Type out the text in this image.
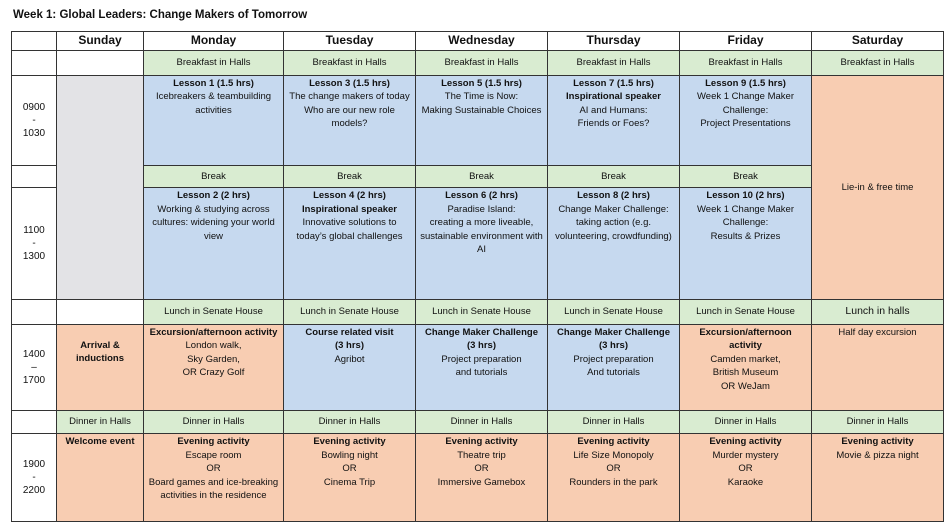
Week 1: Global Leaders: Change Makers of Tomorrow
	Sunday	Monday	Tuesday	Wednesday	Thursday	Friday	Saturday
		Breakfast in Halls	Breakfast in Halls	Breakfast in Halls	Breakfast in Halls	Breakfast in Halls	Breakfast in Halls

0900
-
1030		Lesson 1 (1.5 hrs)
Icebreakers & teambuilding activities	Lesson 3 (1.5 hrs)
The change makers of today
Who are our new role models?	Lesson 5 (1.5 hrs)
The Time is Now:
Making Sustainable Choices	Lesson 7 (1.5 hrs)
Inspirational speaker
AI and Humans:
Friends or Foes?	Lesson 9 (1.5 hrs)
Week 1 Change Maker Challenge:
Project Presentations	Lie-in & free time
		Break	Break	Break	Break	Break	

1100
-
1300		Lesson 2 (2 hrs)
Working & studying across cultures: widening your world view	Lesson 4 (2 hrs)
Inspirational speaker
Innovative solutions to today’s global challenges	Lesson 6 (2 hrs)
Paradise Island:
creating a more liveable, sustainable environment with AI	Lesson 8 (2 hrs)
Change Maker Challenge: taking action (e.g. volunteering, crowdfunding)	Lesson 10 (2 hrs)
Week 1 Change Maker Challenge:
Results & Prizes	

		Lunch in Senate House	Lunch in Senate House	Lunch in Senate House	Lunch in Senate House	Lunch in Senate House	Lunch in halls

1400
–
1700	Arrival & inductions	Excursion/afternoon activity
London walk,
Sky Garden,
OR Crazy Golf	Course related visit
(3 hrs)
Agribot	Change Maker Challenge
(3 hrs)
Project preparation
and tutorials	Change Maker Challenge
(3 hrs)
Project preparation
And tutorials	Excursion/afternoon activity
Camden market,
British Museum
OR WeJam	Half day excursion

	Dinner in Halls	Dinner in Halls	Dinner in Halls	Dinner in Halls	Dinner in Halls	Dinner in Halls	Dinner in Halls

1900
-
2200	Welcome event	Evening activity
Escape room
OR
Board games and ice-breaking activities in the residence	Evening activity
Bowling night
OR
Cinema Trip	Evening activity
Theatre trip
OR
Immersive Gamebox	Evening activity
Life Size Monopoly
OR
Rounders in the park	Evening activity
Murder mystery
OR
Karaoke	Evening activity
Movie & pizza night
